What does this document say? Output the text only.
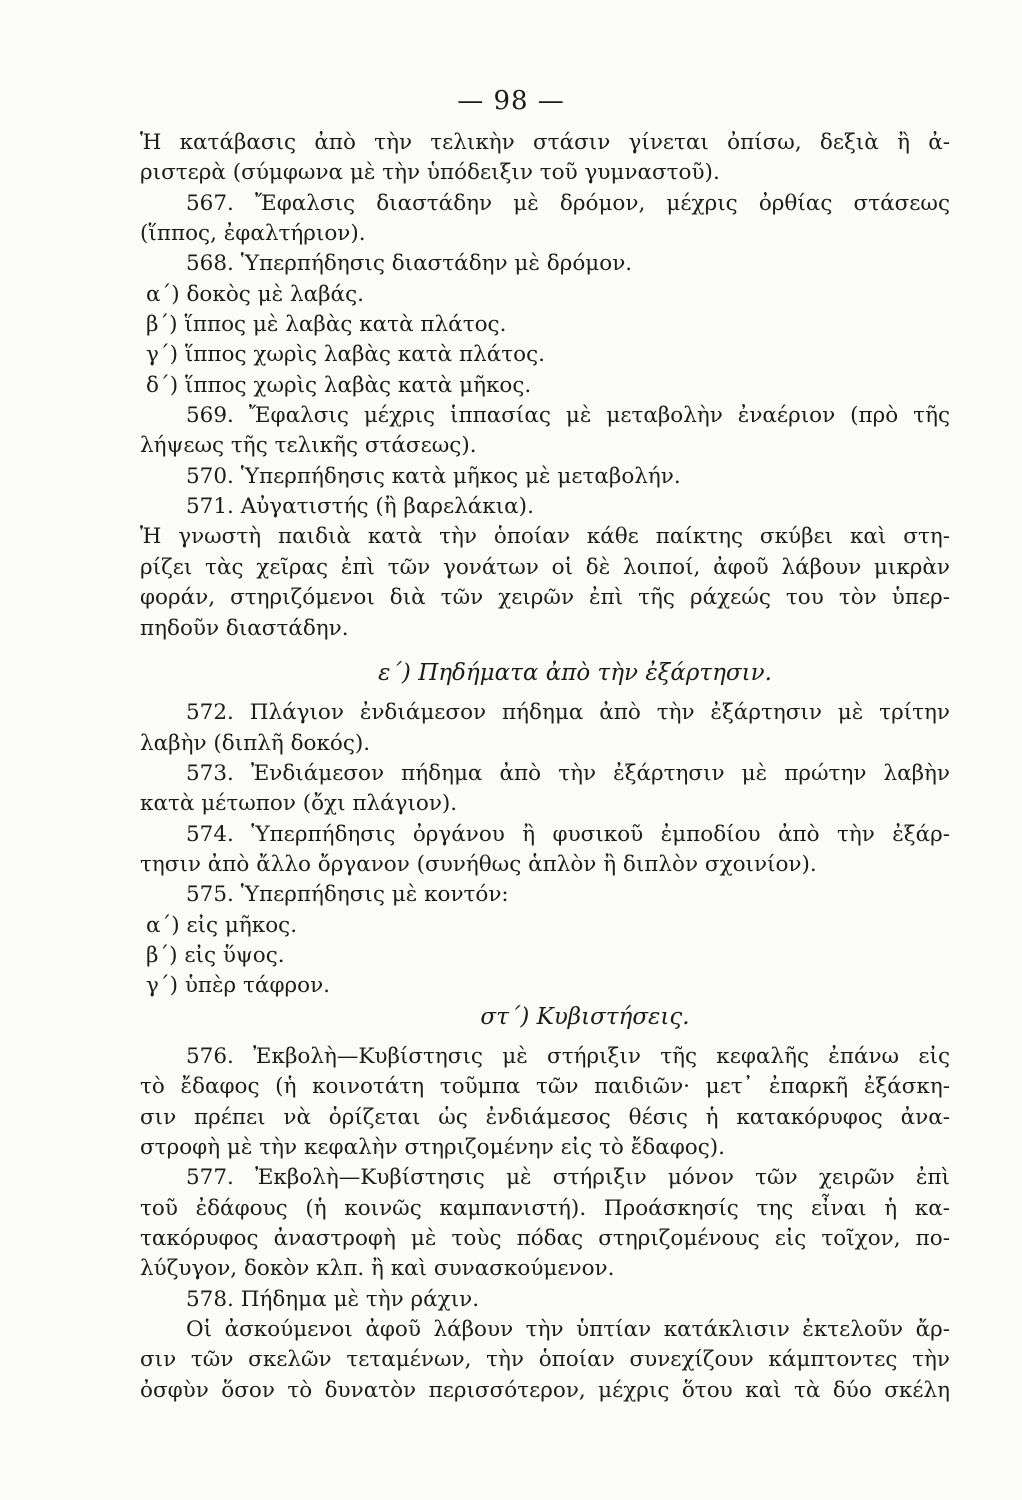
— 98 —
Ἡ κατάβασις ἀπὸ τὴν τελικὴν στάσιν γίνεται ὀπίσω, δεξιὰ ἢ ἀ-
ριστερὰ (σύμφωνα μὲ τὴν ὑπόδειξιν τοῦ γυμναστοῦ).
567. Ἔφαλσις διαστάδην μὲ δρόμον, μέχρις ὀρθίας στάσεως
(ἵππος, ἐφαλτήριον).
568. Ὑπερπήδησις διαστάδην μὲ δρόμον.
α΄) δοκὸς μὲ λαβάς.
β΄) ἵππος μὲ λαβὰς κατὰ πλάτος.
γ΄) ἵππος χωρὶς λαβὰς κατὰ πλάτος.
δ΄) ἵππος χωρὶς λαβὰς κατὰ μῆκος.
569. Ἔφαλσις μέχρις ἱππασίας μὲ μεταβολὴν ἐναέριον (πρὸ τῆς
λήψεως τῆς τελικῆς στάσεως).
570. Ὑπερπήδησις κατὰ μῆκος μὲ μεταβολήν.
571. Αὐγατιστής (ἢ βαρελάκια).
Ἡ γνωστὴ παιδιὰ κατὰ τὴν ὁποίαν κάθε παίκτης σκύβει καὶ στη-
ρίζει τὰς χεῖρας ἐπὶ τῶν γονάτων οἱ δὲ λοιποί, ἀφοῦ λάβουν μικρὰν
φοράν, στηριζόμενοι διὰ τῶν χειρῶν ἐπὶ τῆς ράχεώς του τὸν ὑπερ-
πηδοῦν διαστάδην.
ε΄) Πηδήματα ἀπὸ τὴν ἐξάρτησιν.
572. Πλάγιον ἐνδιάμεσον πήδημα ἀπὸ τὴν ἐξάρτησιν μὲ τρίτην
λαβὴν (διπλῆ δοκός).
573. Ἐνδιάμεσον πήδημα ἀπὸ τὴν ἐξάρτησιν μὲ πρώτην λαβὴν
κατὰ μέτωπον (ὄχι πλάγιον).
574. Ὑπερπήδησις ὀργάνου ἢ φυσικοῦ ἐμποδίου ἀπὸ τὴν ἐξάρ-
τησιν ἀπὸ ἄλλο ὄργανον (συνήθως ἁπλὸν ἢ διπλὸν σχοινίον).
575. Ὑπερπήδησις μὲ κοντόν:
α΄) εἰς μῆκος.
β΄) εἰς ὕψος.
γ΄) ὑπὲρ τάφρον.
στ΄) Κυβιστήσεις.
576. Ἐκβολὴ—Κυβίστησις μὲ στήριξιν τῆς κεφαλῆς ἐπάνω εἰς
τὸ ἔδαφος (ἡ κοινοτάτη τοῦμπα τῶν παιδιῶν· μετ᾽ ἐπαρκῆ ἐξάσκη-
σιν πρέπει νὰ ὁρίζεται ὡς ἐνδιάμεσος θέσις ἡ κατακόρυφος ἀνα-
στροφὴ μὲ τὴν κεφαλὴν στηριζομένην εἰς τὸ ἔδαφος).
577. Ἐκβολὴ—Κυβίστησις μὲ στήριξιν μόνον τῶν χειρῶν ἐπὶ
τοῦ ἐδάφους (ἡ κοινῶς καμπανιστή). Προάσκησίς της εἶναι ἡ κα-
τακόρυφος ἀναστροφὴ μὲ τοὺς πόδας στηριζομένους εἰς τοῖχον, πο-
λύζυγον, δοκὸν κλπ. ἢ καὶ συνασκούμενον.
578. Πήδημα μὲ τὴν ράχιν.
Οἱ ἀσκούμενοι ἀφοῦ λάβουν τὴν ὑπτίαν κατάκλισιν ἐκτελοῦν ἄρ-
σιν τῶν σκελῶν τεταμένων, τὴν ὁποίαν συνεχίζουν κάμπτοντες τὴν
ὀσφὺν ὅσον τὸ δυνατὸν περισσότερον, μέχρις ὅτου καὶ τὰ δύο σκέλη
